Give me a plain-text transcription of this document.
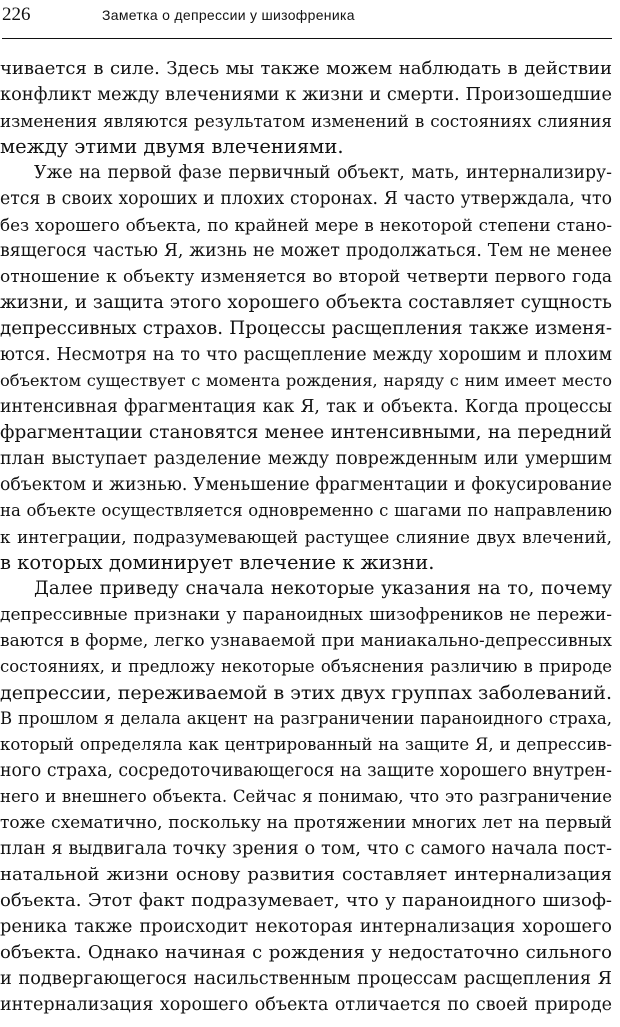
226	Заметка о депрессии у шизофреника
чивается в силе. Здесь мы также можем наблюдать в действии
конфликт между влечениями к жизни и смерти. Произошедшие
изменения являются результатом изменений в состояниях слияния
между этими двумя влечениями.
Уже на первой фазе первичный объект, мать, интернализиру-
ется в своих хороших и плохих сторонах. Я часто утверждала, что
без хорошего объекта, по крайней мере в некоторой степени стано-
вящегося частью Я, жизнь не может продолжаться. Тем не менее
отношение к объекту изменяется во второй четверти первого года
жизни, и защита этого хорошего объекта составляет сущность
депрессивных страхов. Процессы расщепления также изменя-
ются. Несмотря на то что расщепление между хорошим и плохим
объектом существует с момента рождения, наряду с ним имеет место
интенсивная фрагментация как Я, так и объекта. Когда процессы
фрагментации становятся менее интенсивными, на передний
план выступает разделение между поврежденным или умершим
объектом и жизнью. Уменьшение фрагментации и фокусирование
на объекте осуществляется одновременно с шагами по направлению
к интеграции, подразумевающей растущее слияние двух влечений,
в которых доминирует влечение к жизни.
Далее приведу сначала некоторые указания на то, почему
депрессивные признаки у параноидных шизофреников не пережи-
ваются в форме, легко узнаваемой при маниакально-депрессивных
состояниях, и предложу некоторые объяснения различию в природе
депрессии, переживаемой в этих двух группах заболеваний.
В прошлом я делала акцент на разграничении параноидного страха,
который определяла как центрированный на защите Я, и депрессив-
ного страха, сосредоточивающегося на защите хорошего внутрен-
него и внешнего объекта. Сейчас я понимаю, что это разграничение
тоже схематично, поскольку на протяжении многих лет на первый
план я выдвигала точку зрения о том, что с самого начала пост-
натальной жизни основу развития составляет интернализация
объекта. Этот факт подразумевает, что у параноидного шизоф-
реника также происходит некоторая интернализация хорошего
объекта. Однако начиная с рождения у недостаточно сильного
и подвергающегося насильственным процессам расщепления Я
интернализация хорошего объекта отличается по своей природе
